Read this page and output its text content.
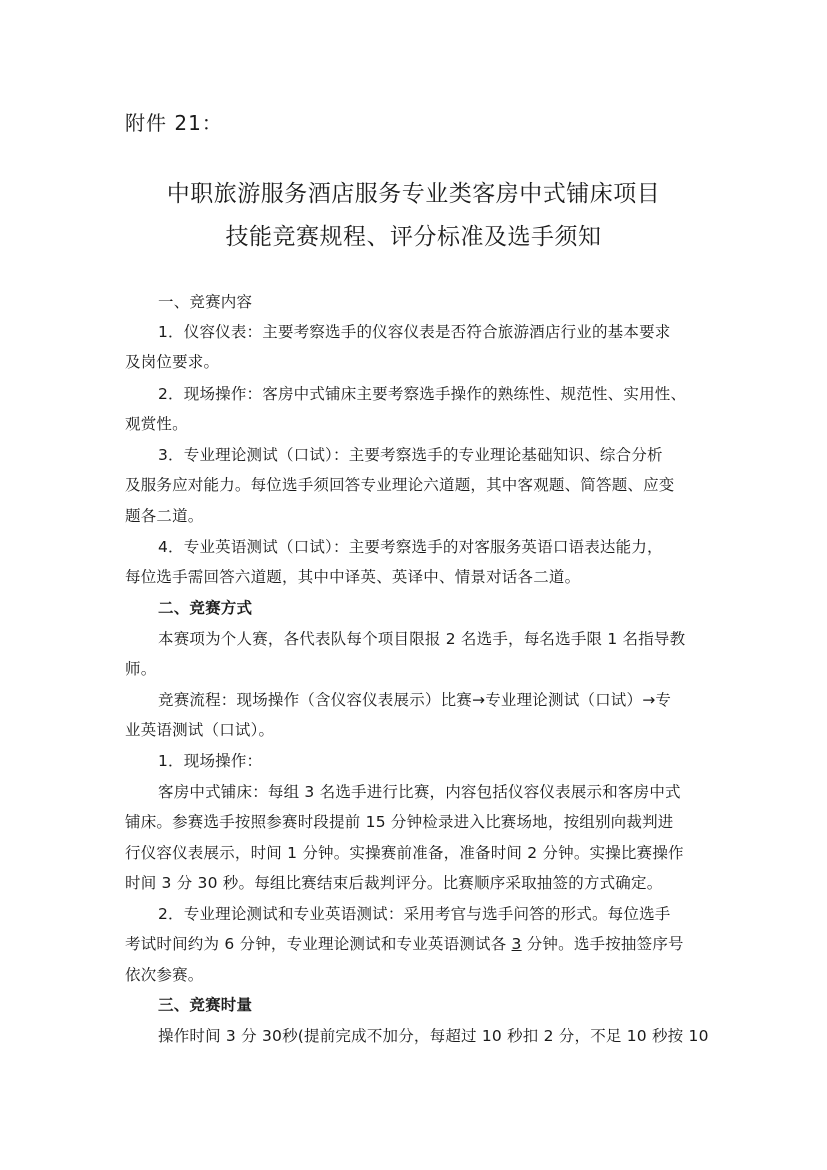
附件 21：
中职旅游服务酒店服务专业类客房中式铺床项目
技能竞赛规程、评分标准及选手须知
一、竞赛内容
1．仪容仪表：主要考察选手的仪容仪表是否符合旅游酒店行业的基本要求
及岗位要求。
2．现场操作：客房中式铺床主要考察选手操作的熟练性、规范性、实用性、
观赏性。
3．专业理论测试（口试）：主要考察选手的专业理论基础知识、综合分析
及服务应对能力。每位选手须回答专业理论六道题，其中客观题、简答题、应变
题各二道。
4．专业英语测试（口试）：主要考察选手的对客服务英语口语表达能力，
每位选手需回答六道题，其中中译英、英译中、情景对话各二道。
二、竞赛方式
本赛项为个人赛，各代表队每个项目限报 2 名选手，每名选手限 1 名指导教
师。
竞赛流程：现场操作（含仪容仪表展示）比赛→专业理论测试（口试）→专
业英语测试（口试）。
1．现场操作：
客房中式铺床：每组 3 名选手进行比赛，内容包括仪容仪表展示和客房中式
铺床。参赛选手按照参赛时段提前 15 分钟检录进入比赛场地，按组别向裁判进
行仪容仪表展示，时间 1 分钟。实操赛前准备，准备时间 2 分钟。实操比赛操作
时间 3 分 30 秒。每组比赛结束后裁判评分。比赛顺序采取抽签的方式确定。
2．专业理论测试和专业英语测试：采用考官与选手问答的形式。每位选手
考试时间约为 6 分钟，专业理论测试和专业英语测试各 3 分钟。选手按抽签序号
依次参赛。
三、竞赛时量
操作时间 3 分 30秒(提前完成不加分，每超过 10 秒扣 2 分，不足 10 秒按 10
